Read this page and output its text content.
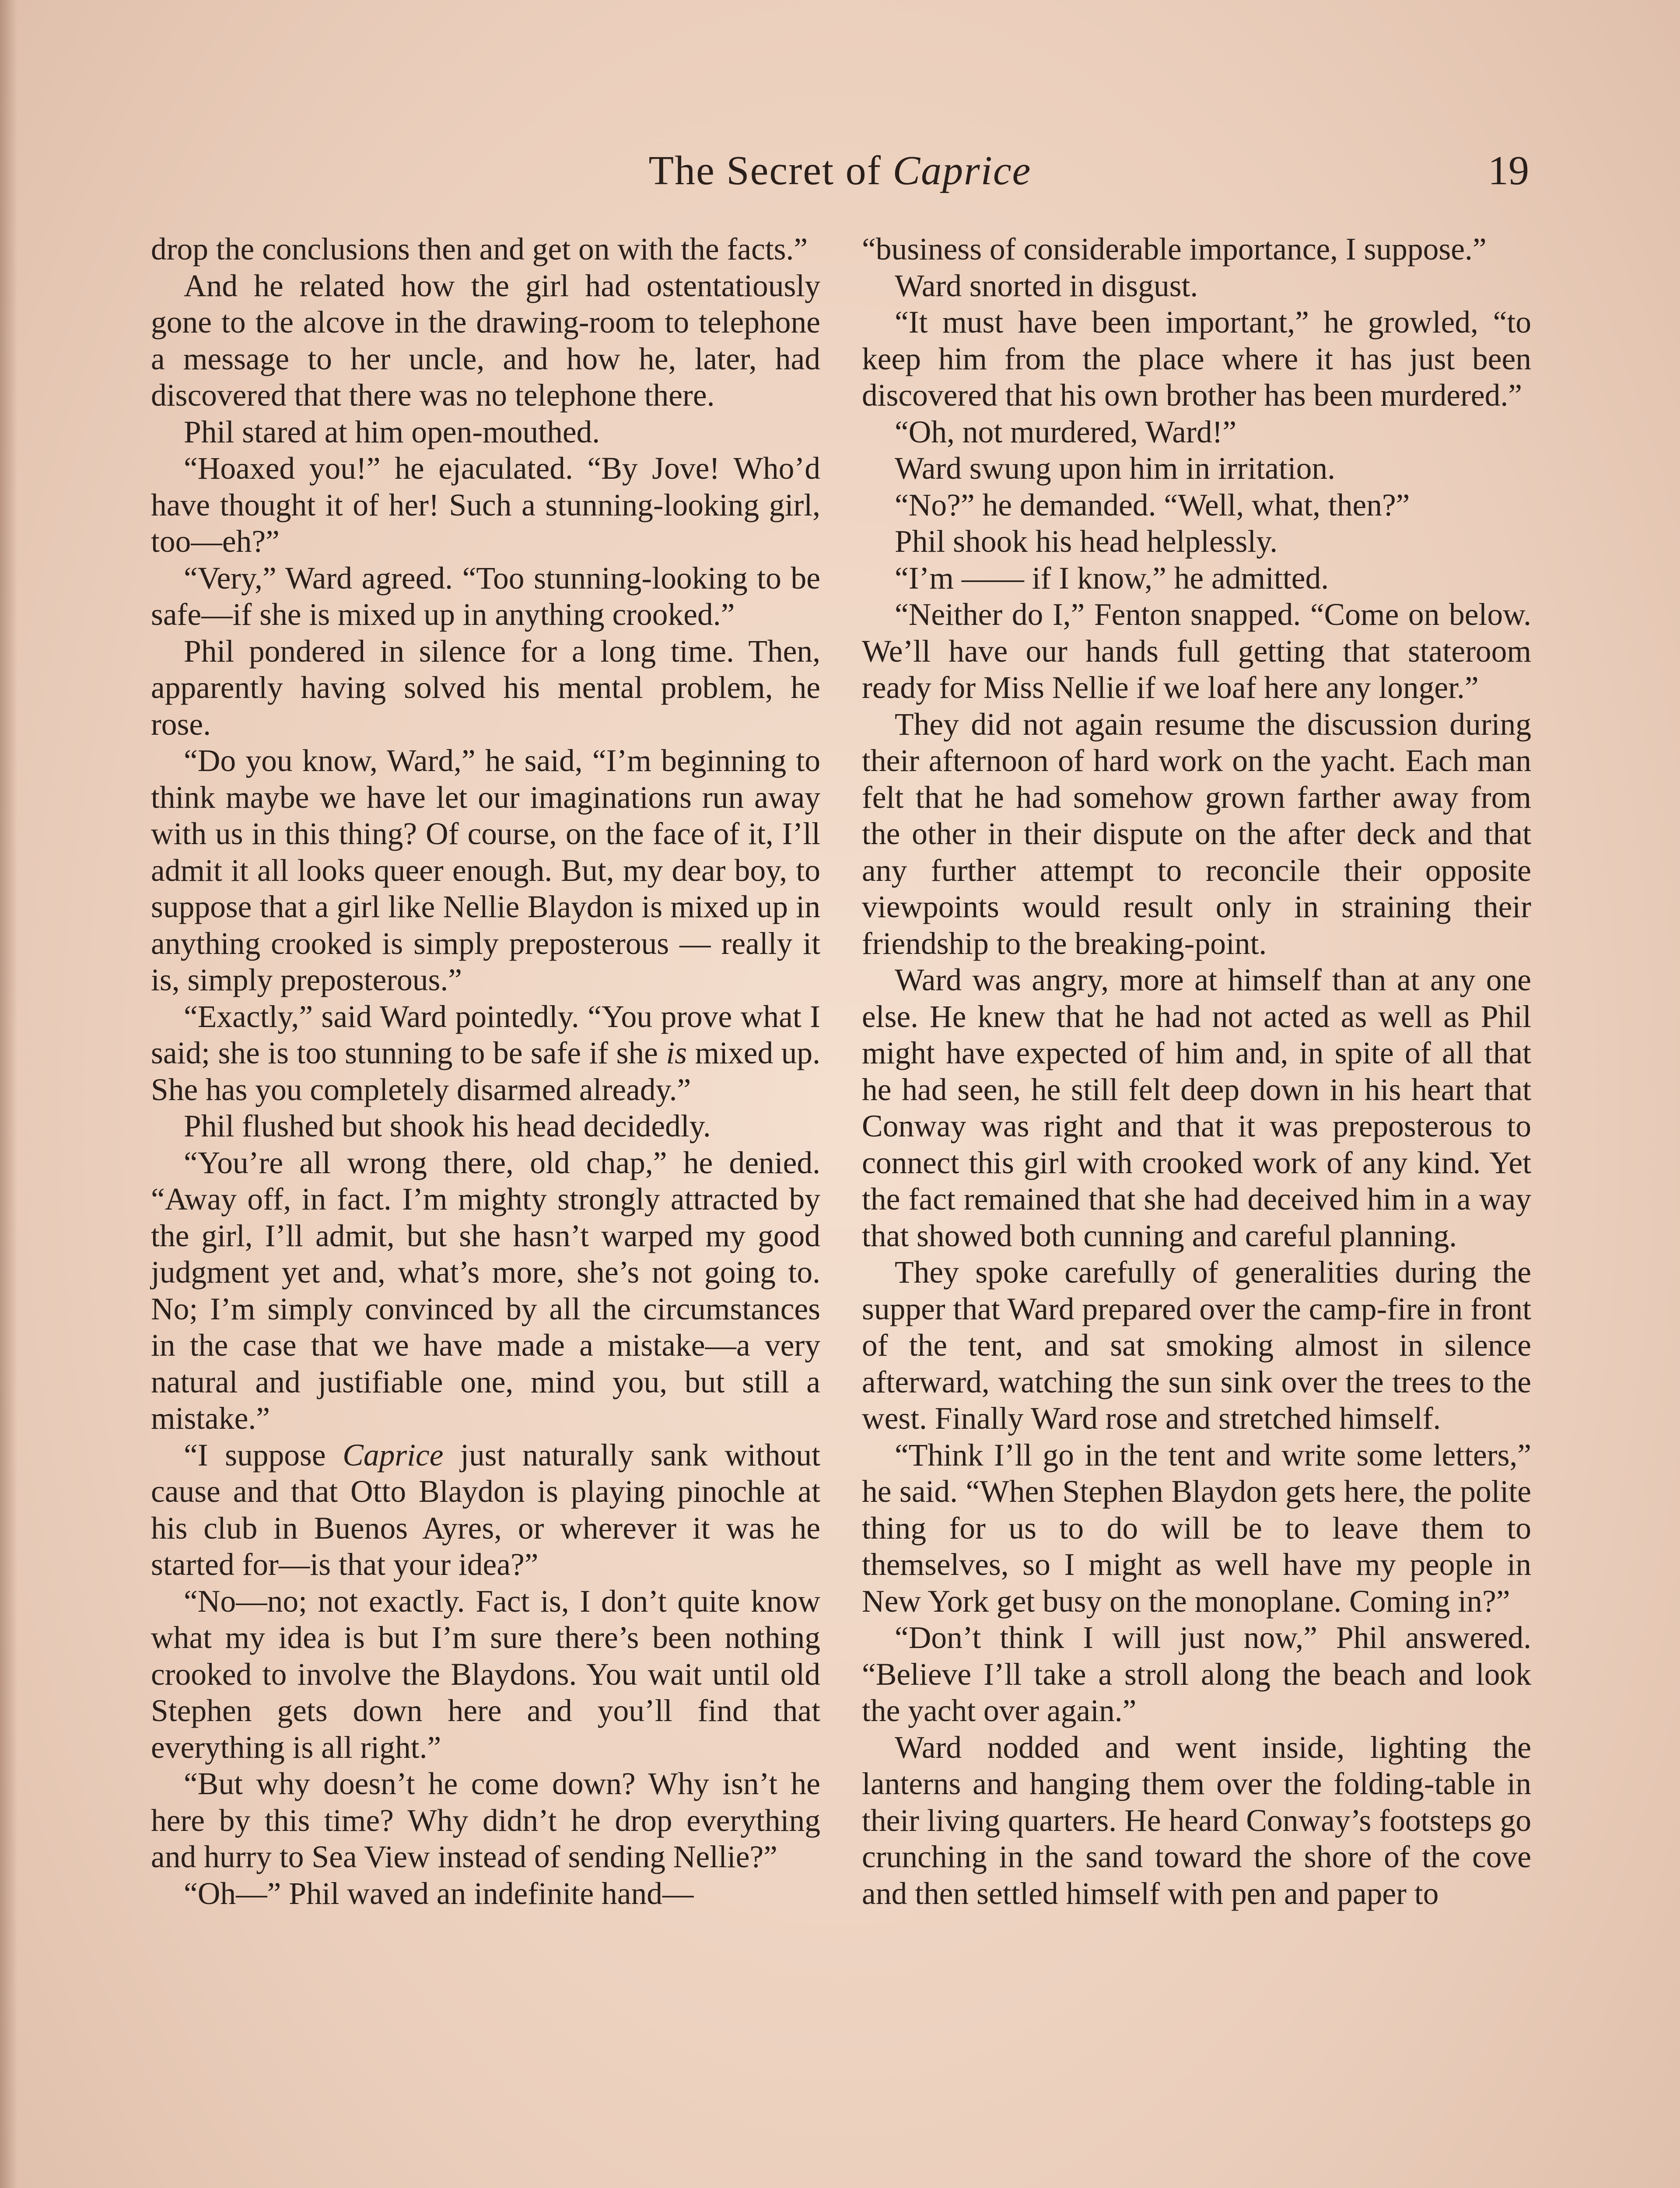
The Secret of Caprice	19

drop the conclusions then and get on with the facts.”

And he related how the girl had ostentatiously gone to the alcove in the drawing-room to telephone a message to her uncle, and how he, later, had discovered that there was no telephone there.

Phil stared at him open-mouthed.

“Hoaxed you!” he ejaculated. “By Jove! Who’d have thought it of her! Such a stunning-looking girl, too—eh?”

“Very,” Ward agreed. “Too stunning-looking to be safe—if she is mixed up in anything crooked.”

Phil pondered in silence for a long time. Then, apparently having solved his mental problem, he rose.

“Do you know, Ward,” he said, “I’m beginning to think maybe we have let our imaginations run away with us in this thing? Of course, on the face of it, I’ll admit it all looks queer enough. But, my dear boy, to suppose that a girl like Nellie Blaydon is mixed up in anything crooked is simply preposterous — really it is, simply preposterous.”

“Exactly,” said Ward pointedly. “You prove what I said; she is too stunning to be safe if she is mixed up. She has you completely disarmed already.”

Phil flushed but shook his head decidedly.

“You’re all wrong there, old chap,” he denied. “Away off, in fact. I’m mighty strongly attracted by the girl, I’ll admit, but she hasn’t warped my good judgment yet and, what’s more, she’s not going to. No; I’m simply convinced by all the circumstances in the case that we have made a mistake—a very natural and justifiable one, mind you, but still a mistake.”

“I suppose Caprice just naturally sank without cause and that Otto Blaydon is playing pinochle at his club in Buenos Ayres, or wherever it was he started for—is that your idea?”

“No—no; not exactly. Fact is, I don’t quite know what my idea is but I’m sure there’s been nothing crooked to involve the Blaydons. You wait until old Stephen gets down here and you’ll find that everything is all right.”

“But why doesn’t he come down? Why isn’t he here by this time? Why didn’t he drop everything and hurry to Sea View instead of sending Nellie?”

“Oh—” Phil waved an indefinite hand—

“business of considerable importance, I suppose.”

Ward snorted in disgust.

“It must have been important,” he growled, “to keep him from the place where it has just been discovered that his own brother has been murdered.”

“Oh, not murdered, Ward!”

Ward swung upon him in irritation.

“No?” he demanded. “Well, what, then?”

Phil shook his head helplessly.

“I’m —— if I know,” he admitted.

“Neither do I,” Fenton snapped. “Come on below. We’ll have our hands full getting that stateroom ready for Miss Nellie if we loaf here any longer.”

They did not again resume the discussion during their afternoon of hard work on the yacht. Each man felt that he had somehow grown farther away from the other in their dispute on the after deck and that any further attempt to reconcile their opposite viewpoints would result only in straining their friendship to the breaking-point.

Ward was angry, more at himself than at any one else. He knew that he had not acted as well as Phil might have expected of him and, in spite of all that he had seen, he still felt deep down in his heart that Conway was right and that it was preposterous to connect this girl with crooked work of any kind. Yet the fact remained that she had deceived him in a way that showed both cunning and careful planning.

They spoke carefully of generalities during the supper that Ward prepared over the camp-fire in front of the tent, and sat smoking almost in silence afterward, watching the sun sink over the trees to the west. Finally Ward rose and stretched himself.

“Think I’ll go in the tent and write some letters,” he said. “When Stephen Blaydon gets here, the polite thing for us to do will be to leave them to themselves, so I might as well have my people in New York get busy on the monoplane. Coming in?”

“Don’t think I will just now,” Phil answered. “Believe I’ll take a stroll along the beach and look the yacht over again.”

Ward nodded and went inside, lighting the lanterns and hanging them over the folding-table in their living quarters. He heard Conway’s footsteps go crunching in the sand toward the shore of the cove and then settled himself with pen and paper to
